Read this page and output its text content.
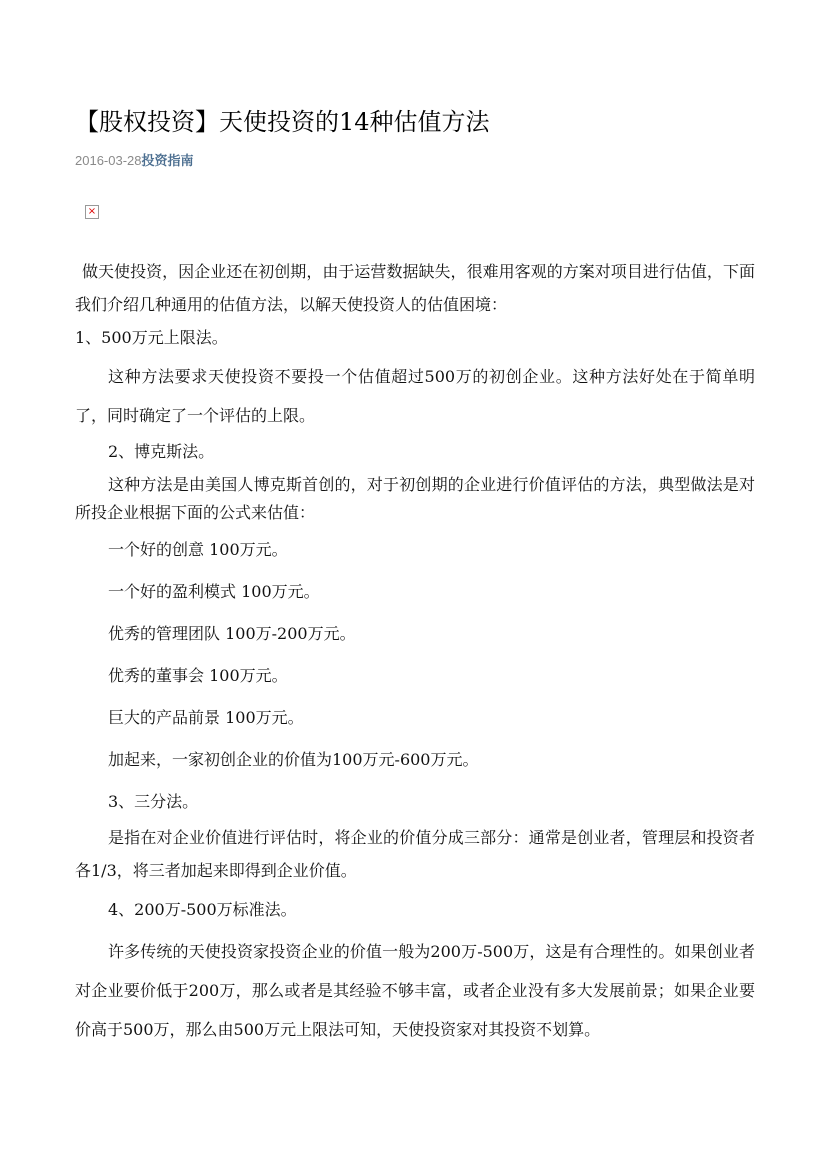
【股权投资】天使投资的14种估值方法
2016-03-28投资指南
×

做天使投资，因企业还在初创期，由于运营数据缺失，很难用客观的方案对项目进行估值，下面我们介绍几种通用的估值方法，以解天使投资人的估值困境：

1、500万元上限法。

这种方法要求天使投资不要投一个估值超过500万的初创企业。这种方法好处在于简单明了，同时确定了一个评估的上限。

2、博克斯法。

这种方法是由美国人博克斯首创的，对于初创期的企业进行价值评估的方法，典型做法是对所投企业根据下面的公式来估值：

一个好的创意 100万元。

一个好的盈利模式 100万元。

优秀的管理团队 100万-200万元。

优秀的董事会 100万元。

巨大的产品前景 100万元。

加起来，一家初创企业的价值为100万元-600万元。

3、三分法。

是指在对企业价值进行评估时，将企业的价值分成三部分：通常是创业者，管理层和投资者各1/3，将三者加起来即得到企业价值。

4、200万-500万标准法。

许多传统的天使投资家投资企业的价值一般为200万-500万，这是有合理性的。如果创业者对企业要价低于200万，那么或者是其经验不够丰富，或者企业没有多大发展前景；如果企业要价高于500万，那么由500万元上限法可知，天使投资家对其投资不划算。
